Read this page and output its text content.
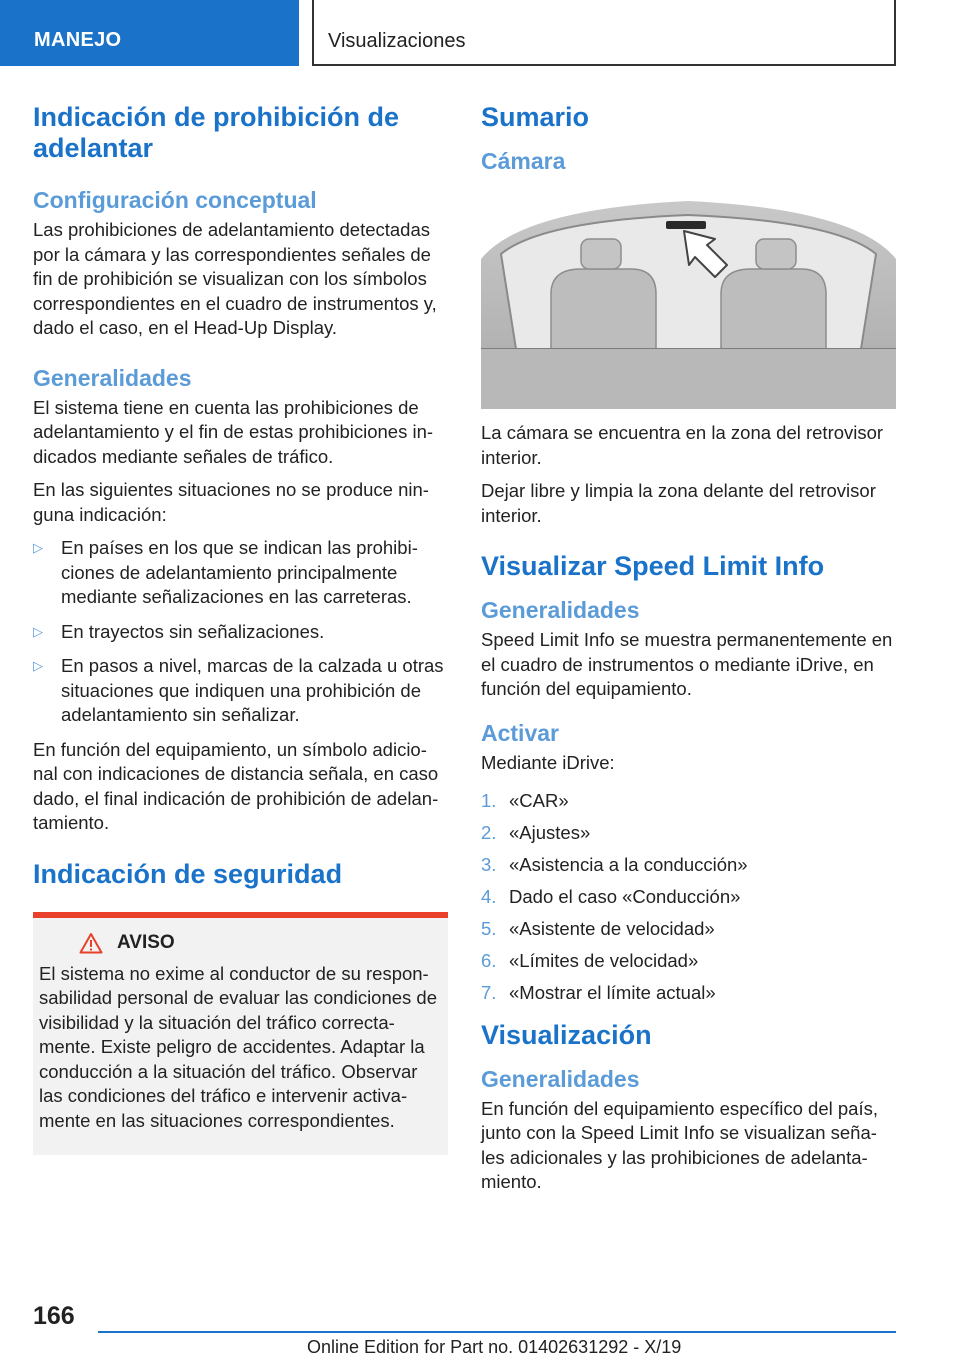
MANEJO	Visualizaciones
Indicación de prohibición de adelantar
Configuración conceptual

Las prohibiciones de adelantamiento detectadas por la cámara y las correspondientes señales de fin de prohibición se visualizan con los símbolos correspondientes en el cuadro de instrumentos y, dado el caso, en el Head-Up Display.

Generalidades

El sistema tiene en cuenta las prohibiciones de adelantamiento y el fin de estas prohibiciones in-dicados mediante señales de tráfico.

En las siguientes situaciones no se produce nin-guna indicación:

▷ En países en los que se indican las prohibi-ciones de adelantamiento principalmente mediante señalizaciones en las carreteras.
▷ En trayectos sin señalizaciones.
▷ En pasos a nivel, marcas de la calzada u otras situaciones que indiquen una prohibición de adelantamiento sin señalizar.

En función del equipamiento, un símbolo adicio-nal con indicaciones de distancia señala, en caso dado, el final indicación de prohibición de adelan-tamiento.

Indicación de seguridad
AVISO

El sistema no exime al conductor de su respon-sabilidad personal de evaluar las condiciones de visibilidad y la situación del tráfico correcta-mente. Existe peligro de accidentes. Adaptar la conducción a la situación del tráfico. Observar las condiciones del tráfico e intervenir activa-mente en las situaciones correspondientes.

Sumario
Cámara

La cámara se encuentra en la zona del retrovisor interior.

Dejar libre y limpia la zona delante del retrovisor interior.

Visualizar Speed Limit Info
Generalidades

Speed Limit Info se muestra permanentemente en el cuadro de instrumentos o mediante iDrive, en función del equipamiento.

Activar

Mediante iDrive:

1. «CAR»
2. «Ajustes»
3. «Asistencia a la conducción»
4. Dado el caso «Conducción»
5. «Asistente de velocidad»
6. «Límites de velocidad»
7. «Mostrar el límite actual»
Visualización
Generalidades

En función del equipamiento específico del país, junto con la Speed Limit Info se visualizan seña-les adicionales y las prohibiciones de adelanta-miento.

166
Online Edition for Part no. 01402631292 - X/19
